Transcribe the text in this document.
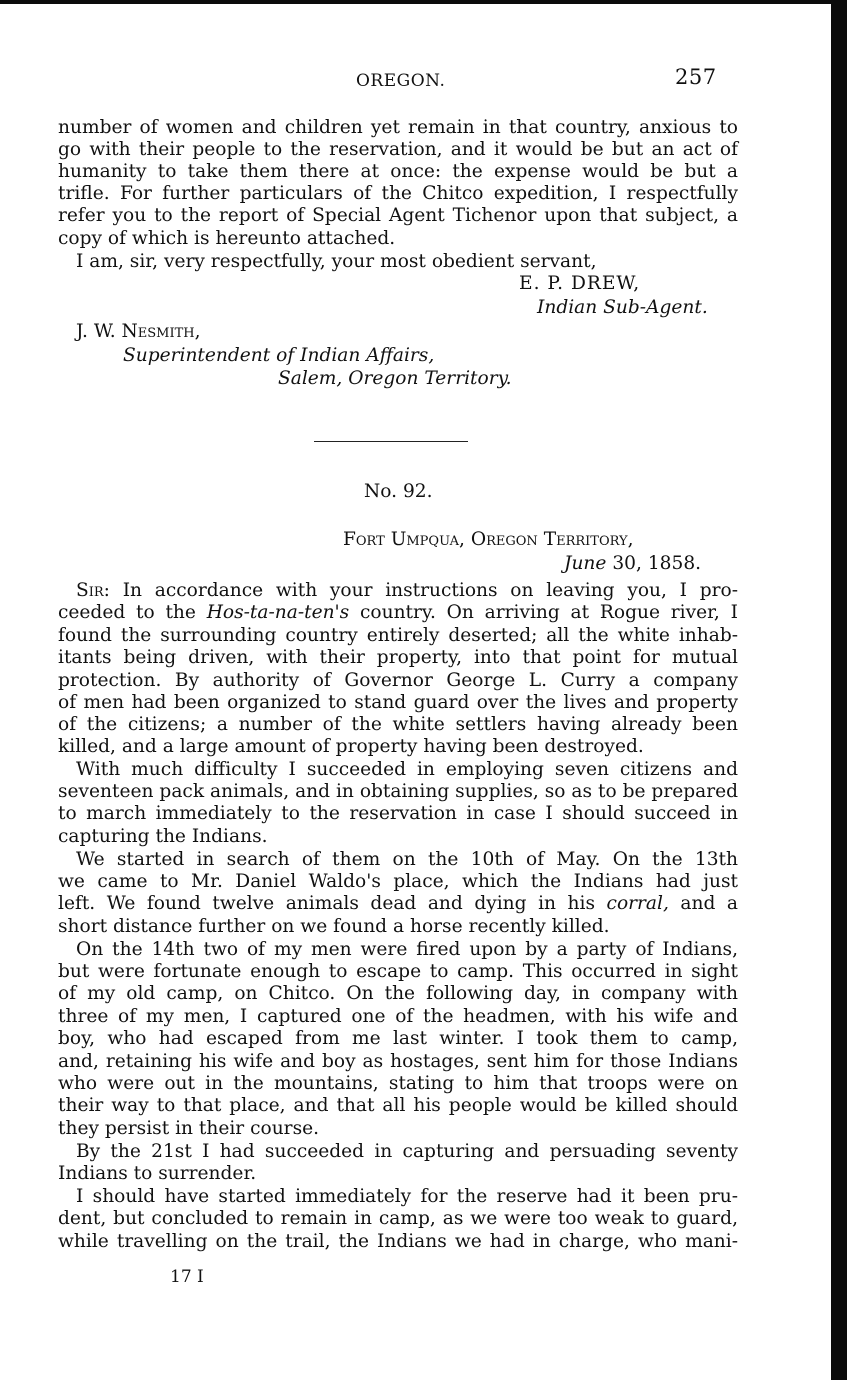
OREGON.	257
number of women and children yet remain in that country, anxious to
go with their people to the reservation, and it would be but an act of
humanity to take them there at once: the expense would be but a
trifle. For further particulars of the Chitco expedition, I respectfully
refer you to the report of Special Agent Tichenor upon that subject, a
copy of which is hereunto attached.
I am, sir, very respectfully, your most obedient servant,
E. P. DREW,
Indian Sub-Agent.
J. W. Nesmith,
Superintendent of Indian Affairs,
Salem, Oregon Territory.
No. 92.
Fort Umpqua, Oregon Territory,
June 30, 1858.
Sir: In accordance with your instructions on leaving you, I pro-
ceeded to the Hos-ta-na-ten's country. On arriving at Rogue river, I
found the surrounding country entirely deserted; all the white inhab-
itants being driven, with their property, into that point for mutual
protection. By authority of Governor George L. Curry a company
of men had been organized to stand guard over the lives and property
of the citizens; a number of the white settlers having already been
killed, and a large amount of property having been destroyed.
With much difficulty I succeeded in employing seven citizens and
seventeen pack animals, and in obtaining supplies, so as to be prepared
to march immediately to the reservation in case I should succeed in
capturing the Indians.
We started in search of them on the 10th of May. On the 13th
we came to Mr. Daniel Waldo's place, which the Indians had just
left. We found twelve animals dead and dying in his corral, and a
short distance further on we found a horse recently killed.
On the 14th two of my men were fired upon by a party of Indians,
but were fortunate enough to escape to camp. This occurred in sight
of my old camp, on Chitco. On the following day, in company with
three of my men, I captured one of the headmen, with his wife and
boy, who had escaped from me last winter. I took them to camp,
and, retaining his wife and boy as hostages, sent him for those Indians
who were out in the mountains, stating to him that troops were on
their way to that place, and that all his people would be killed should
they persist in their course.
By the 21st I had succeeded in capturing and persuading seventy
Indians to surrender.
I should have started immediately for the reserve had it been pru-
dent, but concluded to remain in camp, as we were too weak to guard,
while travelling on the trail, the Indians we had in charge, who mani-
17 I
